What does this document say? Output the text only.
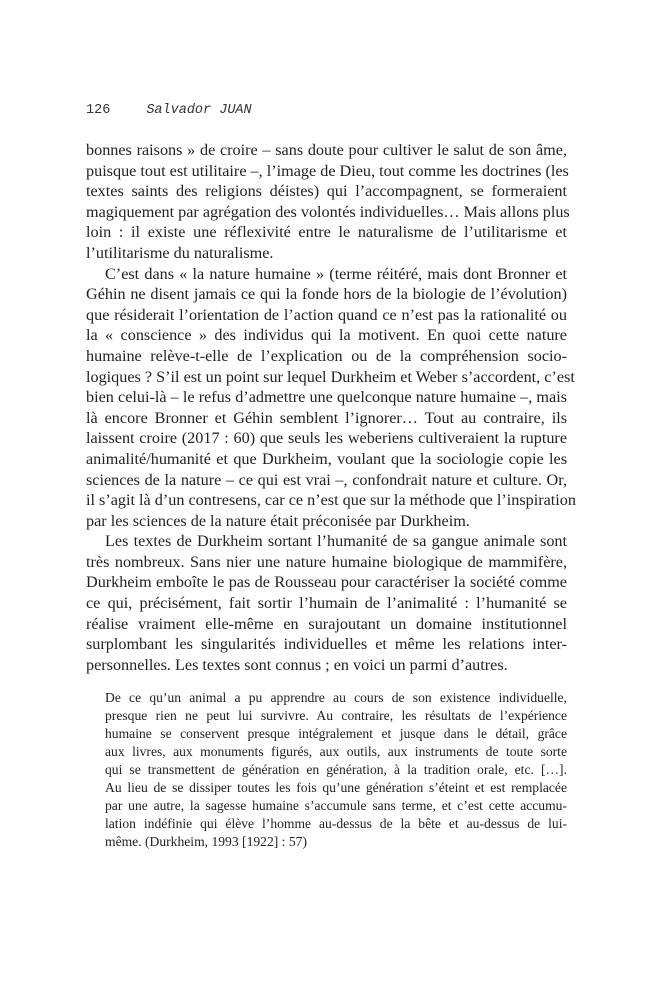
126	Salvador JUAN
bonnes raisons » de croire – sans doute pour cultiver le salut de son âme,
puisque tout est utilitaire –, l’image de Dieu, tout comme les doctrines (les
textes saints des religions déistes) qui l’accompagnent, se formeraient
magiquement par agrégation des volontés individuelles… Mais allons plus
loin : il existe une réflexivité entre le naturalisme de l’utilitarisme et
l’utilitarisme du naturalisme.
C’est dans « la nature humaine » (terme réitéré, mais dont Bronner et
Géhin ne disent jamais ce qui la fonde hors de la biologie de l’évolution)
que résiderait l’orientation de l’action quand ce n’est pas la rationalité ou
la « conscience » des individus qui la motivent. En quoi cette nature
humaine relève-t-elle de l’explication ou de la compréhension socio-
logiques ? S’il est un point sur lequel Durkheim et Weber s’accordent, c’est
bien celui-là – le refus d’admettre une quelconque nature humaine –, mais
là encore Bronner et Géhin semblent l’ignorer… Tout au contraire, ils
laissent croire (2017 : 60) que seuls les weberiens cultiveraient la rupture
animalité/humanité et que Durkheim, voulant que la sociologie copie les
sciences de la nature – ce qui est vrai –, confondrait nature et culture. Or,
il s’agit là d’un contresens, car ce n’est que sur la méthode que l’inspiration
par les sciences de la nature était préconisée par Durkheim.
Les textes de Durkheim sortant l’humanité de sa gangue animale sont
très nombreux. Sans nier une nature humaine biologique de mammifère,
Durkheim emboîte le pas de Rousseau pour caractériser la société comme
ce qui, précisément, fait sortir l’humain de l’animalité : l’humanité se
réalise vraiment elle-même en surajoutant un domaine institutionnel
surplombant les singularités individuelles et même les relations inter-
personnelles. Les textes sont connus ; en voici un parmi d’autres.
De ce qu’un animal a pu apprendre au cours de son existence individuelle,
presque rien ne peut lui survivre. Au contraire, les résultats de l’expérience
humaine se conservent presque intégralement et jusque dans le détail, grâce
aux livres, aux monuments figurés, aux outils, aux instruments de toute sorte
qui se transmettent de génération en génération, à la tradition orale, etc. […].
Au lieu de se dissiper toutes les fois qu’une génération s’éteint et est remplacée
par une autre, la sagesse humaine s’accumule sans terme, et c’est cette accumu-
lation indéfinie qui élève l’homme au-dessus de la bête et au-dessus de lui-
même. (Durkheim, 1993 [1922] : 57)
